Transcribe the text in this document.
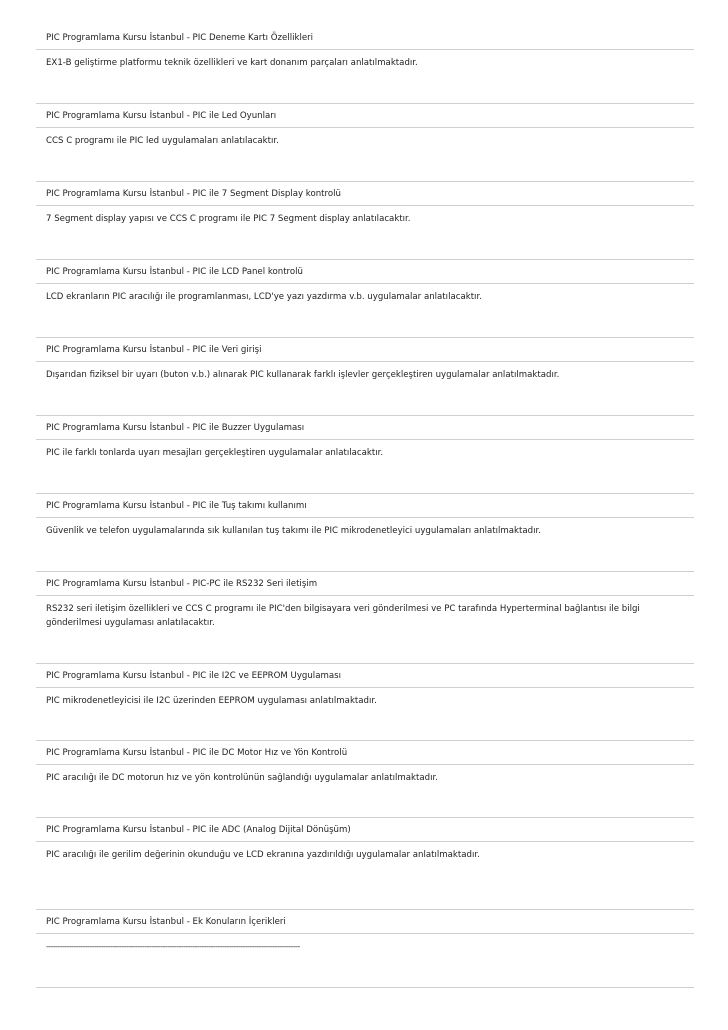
PIC Programlama Kursu İstanbul - PIC Deneme Kartı Özellikleri
EX1-B geliştirme platformu teknik özellikleri ve kart donanım parçaları anlatılmaktadır.
PIC Programlama Kursu İstanbul - PIC ile Led Oyunları
CCS C programı ile PIC led uygulamaları anlatılacaktır.
PIC Programlama Kursu İstanbul - PIC ile 7 Segment Display kontrolü
7 Segment display yapısı ve CCS C programı ile PIC 7 Segment display anlatılacaktır.
PIC Programlama Kursu İstanbul - PIC ile LCD Panel kontrolü
LCD ekranların PIC aracılığı ile programlanması, LCD'ye yazı yazdırma v.b. uygulamalar anlatılacaktır.
PIC Programlama Kursu İstanbul - PIC ile Veri girişi
Dışarıdan fiziksel bir uyarı (buton v.b.) alınarak PIC kullanarak farklı işlevler gerçekleştiren uygulamalar anlatılmaktadır.
PIC Programlama Kursu İstanbul - PIC ile Buzzer Uygulaması
PIC ile farklı tonlarda uyarı mesajları gerçekleştiren uygulamalar anlatılacaktır.
PIC Programlama Kursu İstanbul - PIC ile Tuş takımı kullanımı
Güvenlik ve telefon uygulamalarında sık kullanılan tuş takımı ile PIC mikrodenetleyici uygulamaları anlatılmaktadır.
PIC Programlama Kursu İstanbul - PIC-PC ile RS232 Seri iletişim
RS232 seri iletişim özellikleri ve CCS C programı ile PIC'den bilgisayara veri gönderilmesi ve PC tarafında Hyperterminal bağlantısı ile bilgi gönderilmesi uygulaması anlatılacaktır.
PIC Programlama Kursu İstanbul - PIC ile I2C ve EEPROM Uygulaması
PIC mikrodenetleyicisi ile I2C üzerinden EEPROM uygulaması anlatılmaktadır.
PIC Programlama Kursu İstanbul - PIC ile DC Motor Hız ve Yön Kontrolü
PIC aracılığı ile DC motorun hız ve yön kontrolünün sağlandığı uygulamalar anlatılmaktadır.
PIC Programlama Kursu İstanbul - PIC ile ADC (Analog Dijital Dönüşüm)
PIC aracılığı ile gerilim değerinin okunduğu ve LCD ekranına yazdırıldığı uygulamalar anlatılmaktadır.
PIC Programlama Kursu İstanbul - Ek Konuların İçerikleri
---------------------------------------------------------------------------------------------------------------
